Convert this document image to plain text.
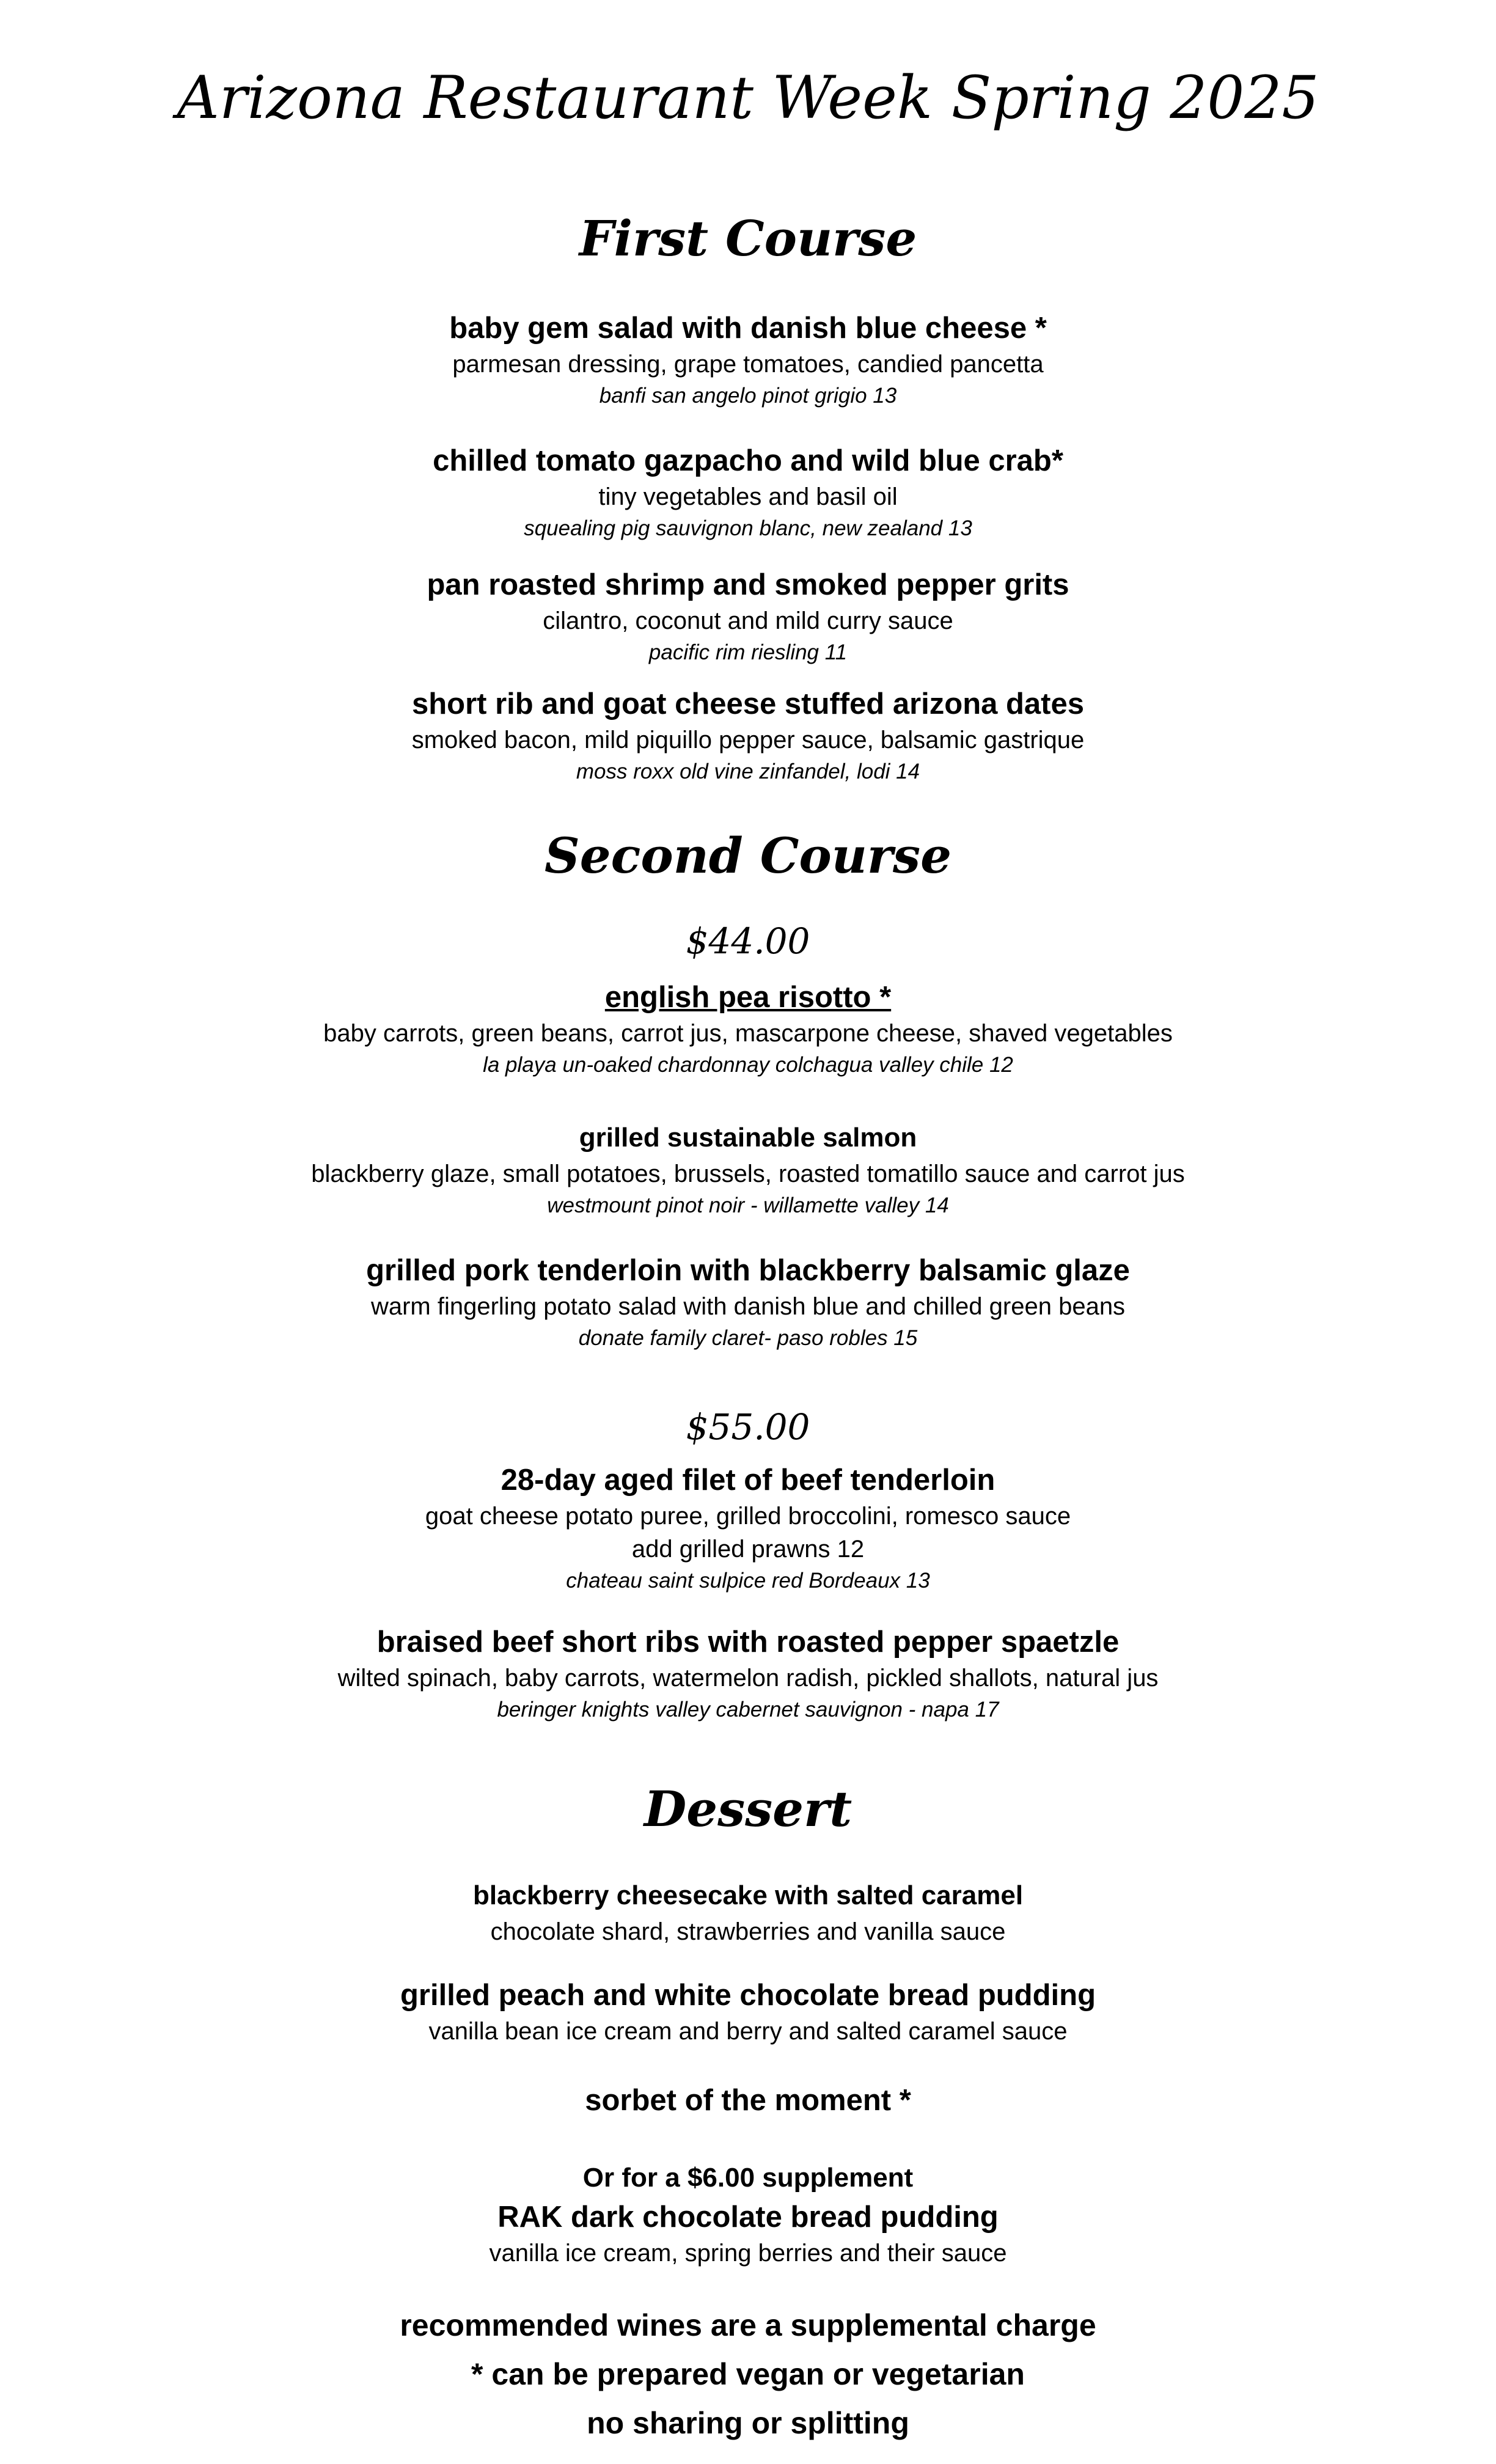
Arizona Restaurant Week Spring 2025
First Course
baby gem salad with danish blue cheese *
parmesan dressing, grape tomatoes, candied pancetta
banfi san angelo pinot grigio 13
chilled tomato gazpacho and wild blue crab*
tiny vegetables and basil oil
squealing pig sauvignon blanc, new zealand 13
pan roasted shrimp and smoked pepper grits
cilantro, coconut and mild curry sauce
pacific rim riesling 11
short rib and goat cheese stuffed arizona dates
smoked bacon, mild piquillo pepper sauce, balsamic gastrique
moss roxx old vine zinfandel, lodi 14
Second Course
$44.00
english pea risotto *
baby carrots, green beans, carrot jus, mascarpone cheese, shaved vegetables
la playa un-oaked chardonnay colchagua valley chile 12
grilled sustainable salmon
blackberry glaze, small potatoes, brussels, roasted tomatillo sauce and carrot jus
westmount pinot noir - willamette valley 14
grilled pork tenderloin with blackberry balsamic glaze
warm fingerling potato salad with danish blue and chilled green beans
donate family claret- paso robles 15
$55.00
28-day aged filet of beef tenderloin
goat cheese potato puree, grilled broccolini, romesco sauce
add grilled prawns 12
chateau saint sulpice red Bordeaux 13
braised beef short ribs with roasted pepper spaetzle
wilted spinach, baby carrots, watermelon radish, pickled shallots, natural jus
beringer knights valley cabernet sauvignon - napa 17
Dessert
blackberry cheesecake with salted caramel
chocolate shard, strawberries and vanilla sauce
grilled peach and white chocolate bread pudding
vanilla bean ice cream and berry and salted caramel sauce
sorbet of the moment *
Or for a $6.00 supplement
RAK dark chocolate bread pudding
vanilla ice cream, spring berries and their sauce
recommended wines are a supplemental charge
* can be prepared vegan or vegetarian
no sharing or splitting
